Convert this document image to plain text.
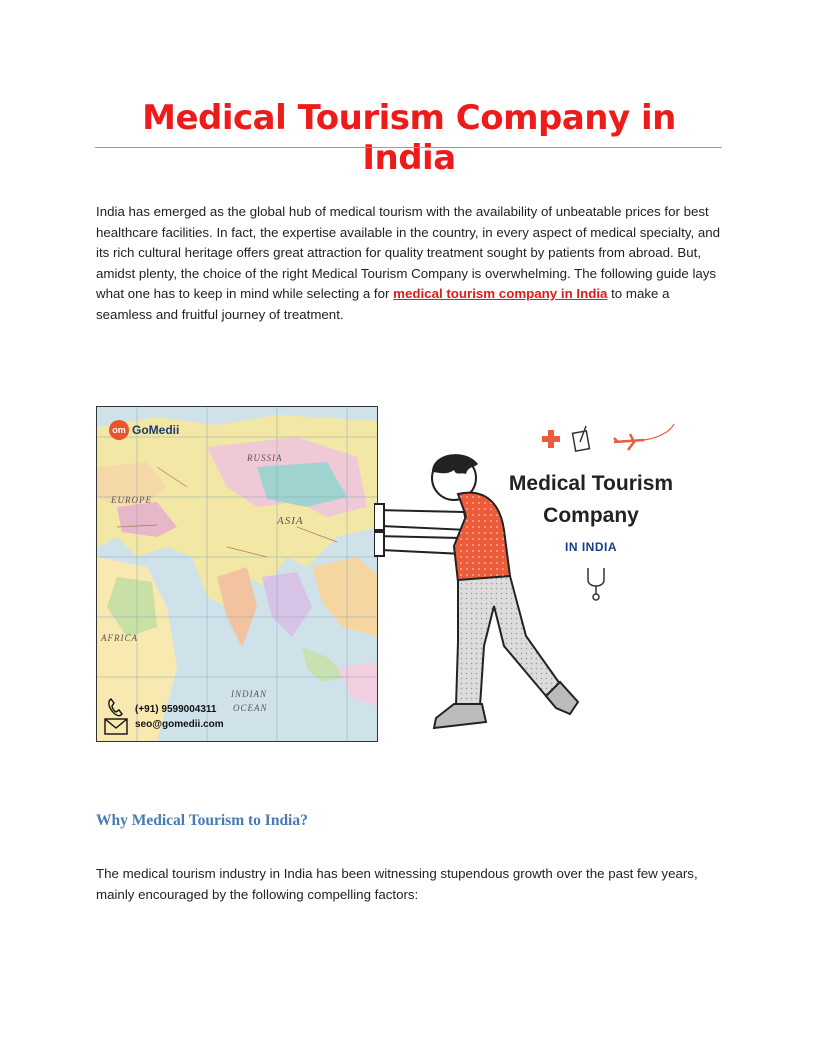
Medical Tourism Company in India

India has emerged as the global hub of medical tourism with the availability of unbeatable prices for best healthcare facilities. In fact, the expertise available in the country, in every aspect of medical specialty, and its rich cultural heritage offers great attraction for quality treatment sought by patients from abroad. But, amidst plenty, the choice of the right Medical Tourism Company is overwhelming. The following guide lays what one has to keep in mind while selecting a for medical tourism company in India to make a seamless and fruitful journey of treatment.

EUROPE
ASIA
RUSSIA
AFRICA
INDIAN
OCEAN
om GoMedii
(+91) 9599004311
seo@gomedii.com
Medical Tourism Company
IN INDIA
Why Medical Tourism to India?

The medical tourism industry in India has been witnessing stupendous growth over the past few years, mainly encouraged by the following compelling factors:
